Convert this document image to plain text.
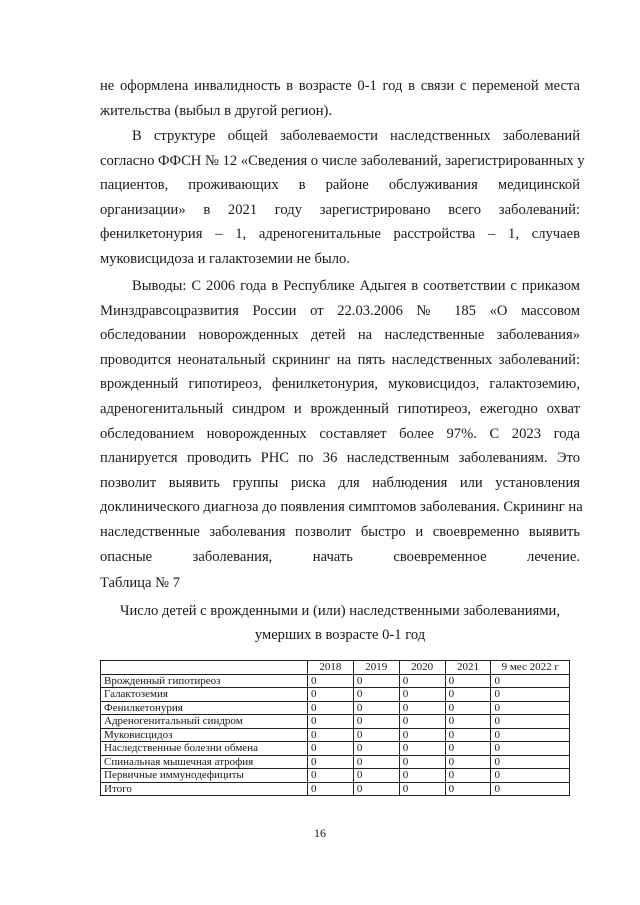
не оформлена инвалидность в возрасте 0-1 год в связи с переменой места
жительства (выбыл в другой регион).
В структуре общей заболеваемости наследственных заболеваний
согласно ФФСН № 12 «Сведения о числе заболеваний, зарегистрированных у
пациентов, проживающих в районе обслуживания медицинской
организации» в 2021 году зарегистрировано всего заболеваний:
фенилкетонурия – 1, адреногенитальные расстройства – 1, случаев
муковисцидоза и галактоземии не было.
Выводы: С 2006 года в Республике Адыгея в соответствии с приказом
Минздравсоцразвития России от 22.03.2006 № 185 «О массовом
обследовании новорожденных детей на наследственные заболевания»
проводится неонатальный скрининг на пять наследственных заболеваний:
врожденный гипотиреоз, фенилкетонурия, муковисцидоз, галактоземию,
адреногенитальный синдром и врожденный гипотиреоз, ежегодно охват
обследованием новорожденных составляет более 97%. С 2023 года
планируется проводить РНС по 36 наследственным заболеваниям. Это
позволит выявить группы риска для наблюдения или установления
доклинического диагноза до появления симптомов заболевания. Скрининг на
наследственные заболевания позволит быстро и своевременно выявить
опасные заболевания, начать своевременное лечение.
Таблица № 7
Число детей с врожденными и (или) наследственными заболеваниями,
умерших в возрасте 0-1 год
	2018	2019	2020	2021	9 мес 2022 г
Врожденный гипотиреоз	0	0	0	0	0
Галактоземия	0	0	0	0	0
Фенилкетонурия	0	0	0	0	0
Адреногенитальный синдром	0	0	0	0	0
Муковисцидоз	0	0	0	0	0
Наследственные болезни обмена	0	0	0	0	0
Спинальная мышечная атрофия	0	0	0	0	0
Первичные иммунодефициты	0	0	0	0	0
Итого	0	0	0	0	0
16
